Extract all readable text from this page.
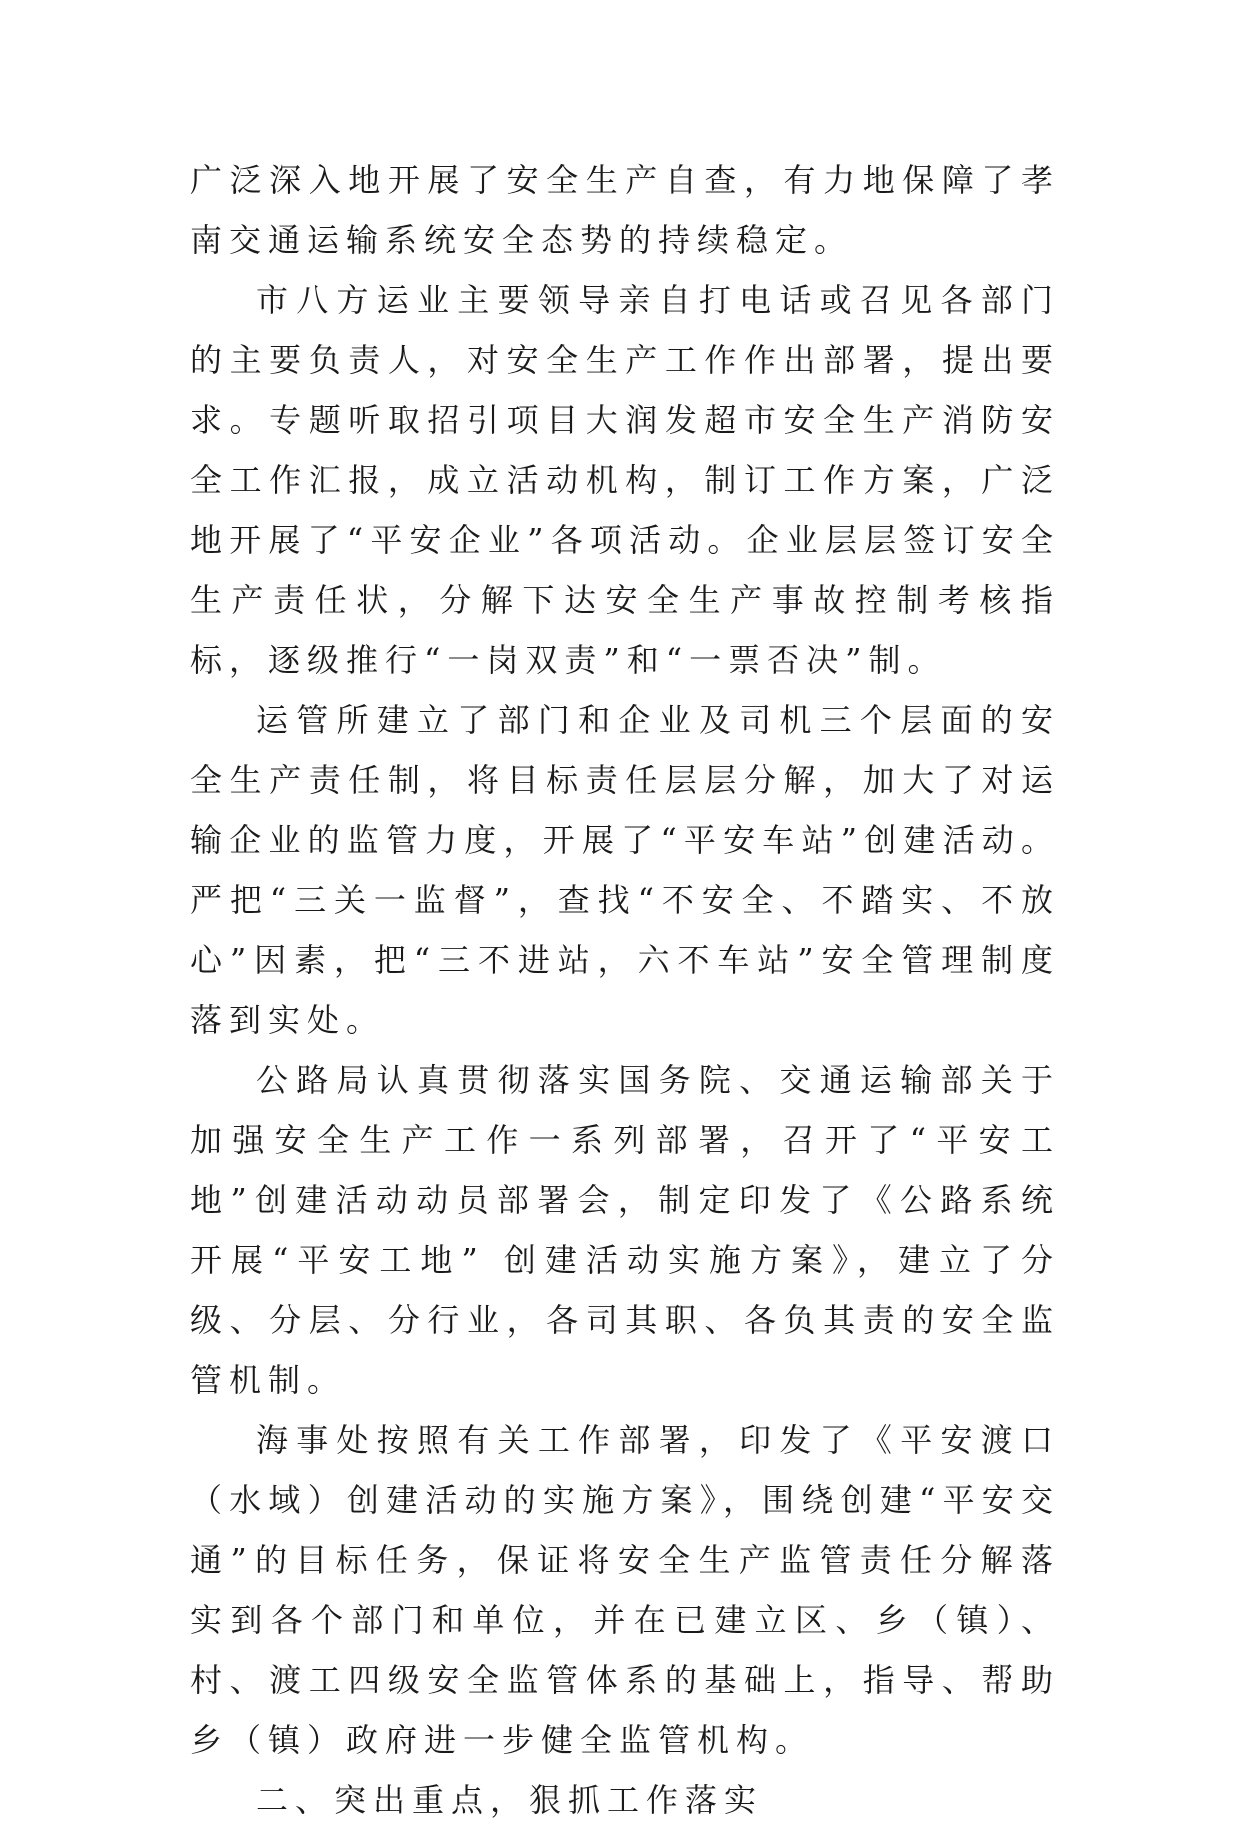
广泛深入地开展了安全生产自查，有力地保障了孝南交通运输系统安全态势的持续稳定。

市八方运业主要领导亲自打电话或召见各部门的主要负责人，对安全生产工作作出部署，提出要求。专题听取招引项目大润发超市安全生产消防安全工作汇报，成立活动机构，制订工作方案，广泛地开展了“平安企业”各项活动。企业层层签订安全生产责任状，分解下达安全生产事故控制考核指标，逐级推行“一岗双责”和“一票否决”制。

运管所建立了部门和企业及司机三个层面的安全生产责任制，将目标责任层层分解，加大了对运输企业的监管力度，开展了“平安车站”创建活动。严把“三关一监督”，查找“不安全、不踏实、不放心”因素，把“三不进站，六不车站”安全管理制度落到实处。

公路局认真贯彻落实国务院、交通运输部关于加强安全生产工作一系列部署，召开了“平安工地”创建活动动员部署会，制定印发了《公路系统开展“平安工地” 创建活动实施方案》，建立了分级、分层、分行业，各司其职、各负其责的安全监管机制。

海事处按照有关工作部署，印发了《平安渡口（水域）创建活动的实施方案》，围绕创建“平安交通”的目标任务，保证将安全生产监管责任分解落实到各个部门和单位，并在已建立区、乡（镇）、村、渡工四级安全监管体系的基础上，指导、帮助乡（镇）政府进一步健全监管机构。

二、突出重点，狠抓工作落实
